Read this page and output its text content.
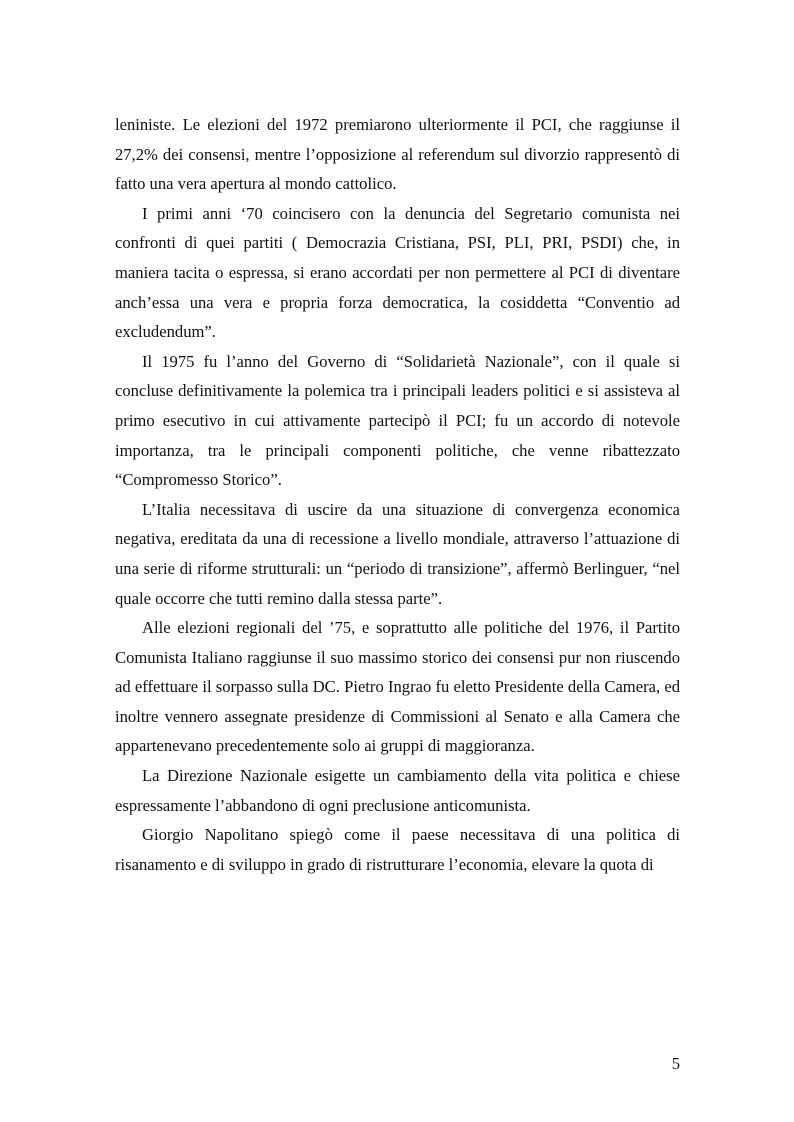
leniniste. Le elezioni del 1972 premiarono ulteriormente il PCI, che raggiunse il 27,2% dei consensi, mentre l’opposizione al referendum sul divorzio rappresentò di fatto una vera apertura al mondo cattolico.

I primi anni ‘70 coincisero con la denuncia del Segretario comunista nei confronti di quei partiti ( Democrazia Cristiana, PSI, PLI, PRI, PSDI) che, in maniera tacita o espressa, si erano accordati per non permettere al PCI di diventare anch’essa una vera e propria forza democratica, la cosiddetta “Conventio ad excludendum”.

Il 1975 fu l’anno del Governo di “Solidarietà Nazionale”, con il quale si concluse definitivamente la polemica tra i principali leaders politici e si assisteva al primo esecutivo in cui attivamente partecipò il PCI; fu un accordo di notevole importanza, tra le principali componenti politiche, che venne ribattezzato “Compromesso Storico”.

L’Italia necessitava di uscire da una situazione di convergenza economica negativa, ereditata da una di recessione a livello mondiale, attraverso l’attuazione di una serie di riforme strutturali: un “periodo di transizione”, affermò Berlinguer, “nel quale occorre che tutti remino dalla stessa parte”.

Alle elezioni regionali del ’75, e soprattutto alle politiche del 1976, il Partito Comunista Italiano raggiunse il suo massimo storico dei consensi pur non riuscendo ad effettuare il sorpasso sulla DC. Pietro Ingrao fu eletto Presidente della Camera, ed inoltre vennero assegnate presidenze di Commissioni al Senato e alla Camera che appartenevano precedentemente solo ai gruppi di maggioranza.

La Direzione Nazionale esigette un cambiamento della vita politica e chiese espressamente l’abbandono di ogni preclusione anticomunista.

Giorgio Napolitano spiegò come il paese necessitava di una politica di risanamento e di sviluppo in grado di ristrutturare l’economia, elevare la quota di

5
